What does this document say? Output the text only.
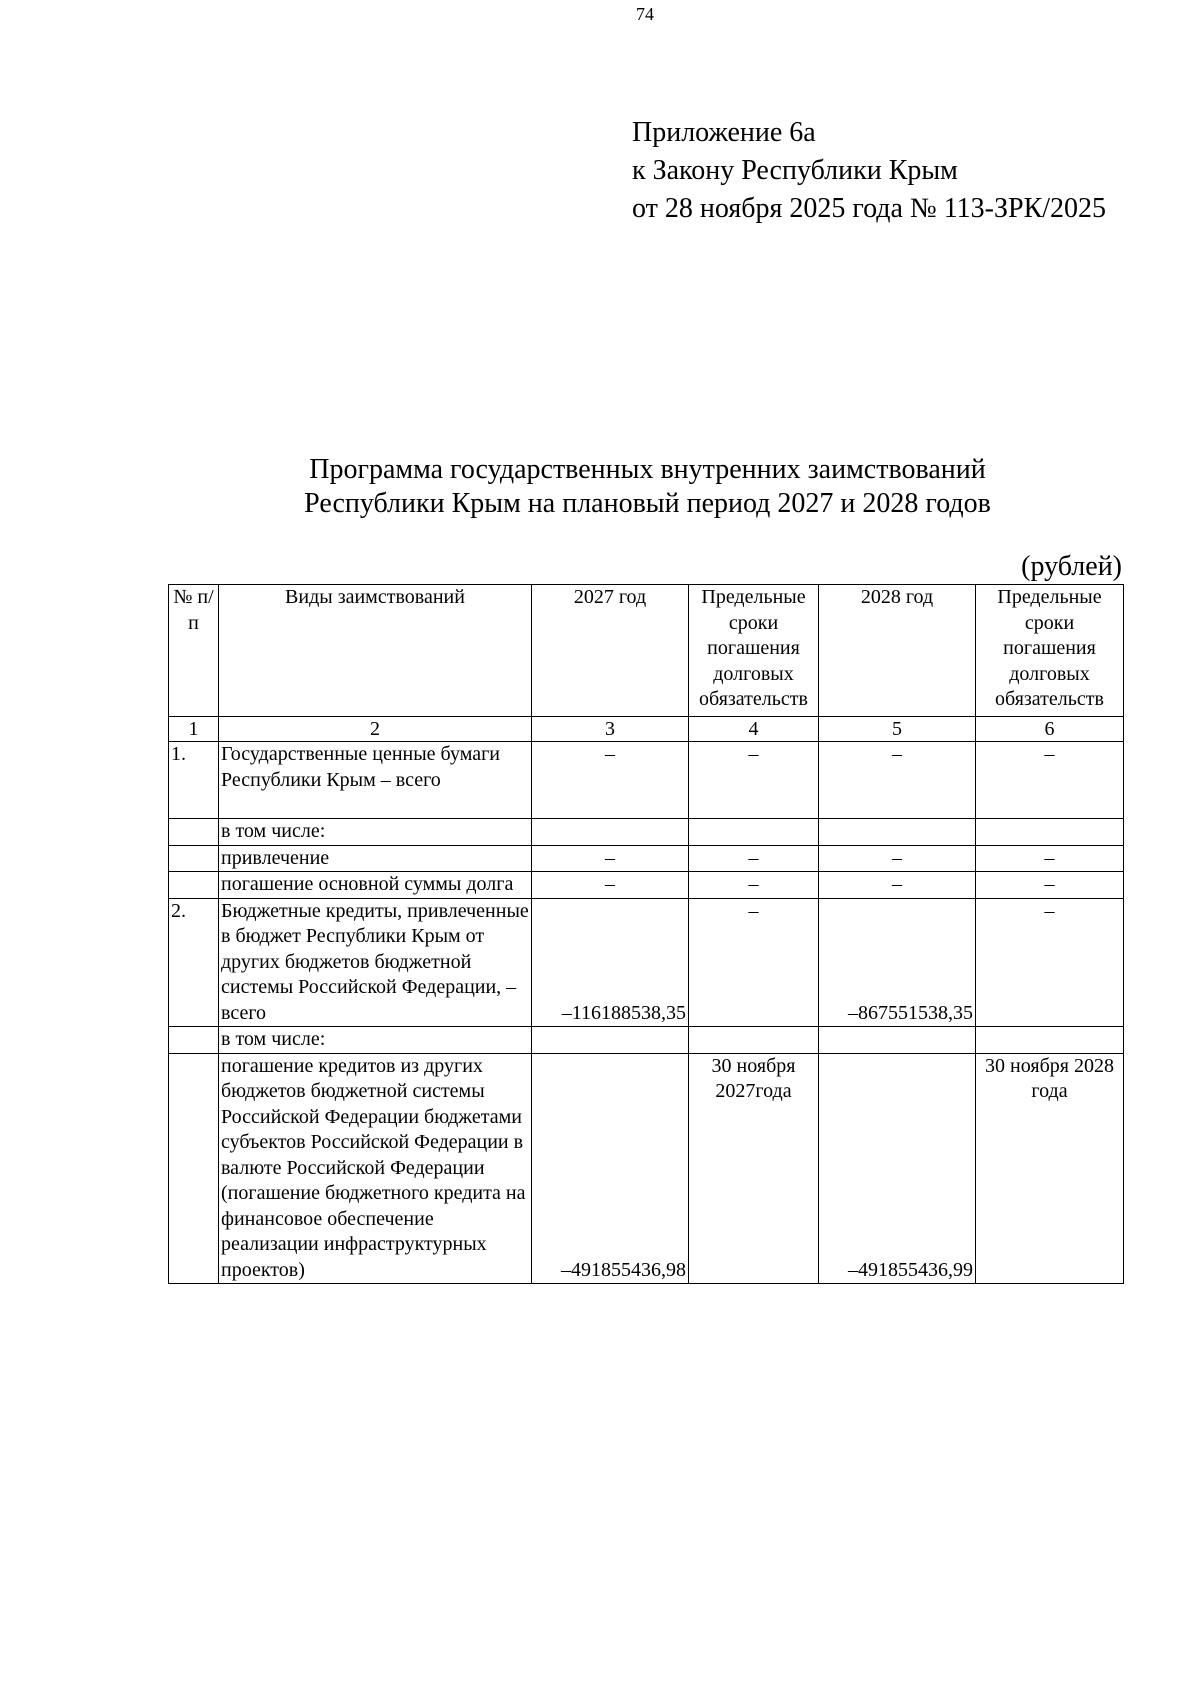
74
Приложение 6а
к Закону Республики Крым
от 28 ноября 2025 года № 113-ЗРК/2025
Программа государственных внутренних заимствований
Республики Крым на плановый период 2027 и 2028 годов
(рублей)
№ п/п	Виды заимствований	2027 год	Предельные сроки погашения долговых обязательств	2028 год	Предельные сроки погашения долговых обязательств
1	2	3	4	5	6
1.	Государственные ценные бумаги Республики Крым – всего	–	–	–	–
	в том числе:				
	привлечение	–	–	–	–
	погашение основной суммы долга	–	–	–	–
2.	Бюджетные кредиты, привлеченные в бюджет Республики Крым от других бюджетов бюджетной системы Российской Федерации, – всего	–116188538,35	–	–867551538,35	–
	в том числе:				
	погашение кредитов из других бюджетов бюджетной системы Российской Федерации бюджетами субъектов Российской Федерации в валюте Российской Федерации (погашение бюджетного кредита на финансовое обеспечение реализации инфраструктурных проектов)	–491855436,98	30 ноября 2027года	–491855436,99	30 ноября 2028 года
